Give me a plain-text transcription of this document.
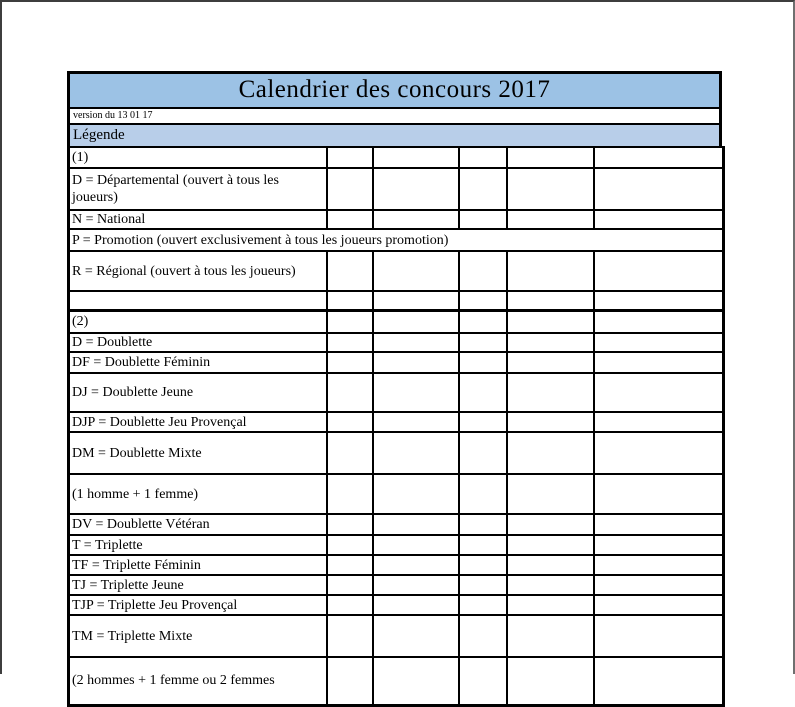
Calendrier des concours 2017
version du 13 01 17
Légende
(1)					
D = Départemental (ouvert à tous les joueurs)					
N = National					
P = Promotion (ouvert exclusivement à tous les joueurs promotion)					
R = Régional (ouvert à tous les joueurs)					

(2)					
D = Doublette					
DF = Doublette Féminin					
DJ = Doublette Jeune					
DJP = Doublette Jeu Provençal					
DM = Doublette Mixte					
(1 homme + 1 femme)					
DV = Doublette Vétéran					
T = Triplette					
TF = Triplette Féminin					
TJ = Triplette Jeune					
TJP = Triplette Jeu Provençal					
TM = Triplette Mixte					
(2 hommes + 1 femme ou 2 femmes					
